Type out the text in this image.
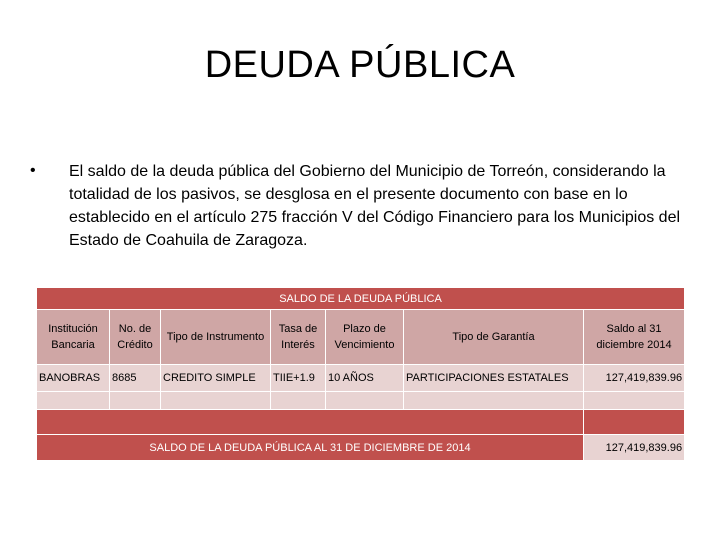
DEUDA PÚBLICA
• El saldo de la deuda pública del Gobierno del Municipio de Torreón, considerando la totalidad de los pasivos, se desglosa en el presente documento con base en lo establecido en el artículo 275 fracción V del Código Financiero para los Municipios del Estado de Coahuila de Zaragoza.
SALDO DE LA DEUDA PÚBLICA						
Institución Bancaria	No. de Crédito	Tipo de Instrumento	Tasa de Interés	Plazo de Vencimiento	Tipo de Garantía	Saldo al 31 diciembre 2014
BANOBRAS	8685	CREDITO SIMPLE	TIIE+1.9	10 AÑOS	PARTICIPACIONES ESTATALES	127,419,839.96

SALDO DE LA DEUDA PÚBLICA AL 31 DE DICIEMBRE DE 2014						127,419,839.96
